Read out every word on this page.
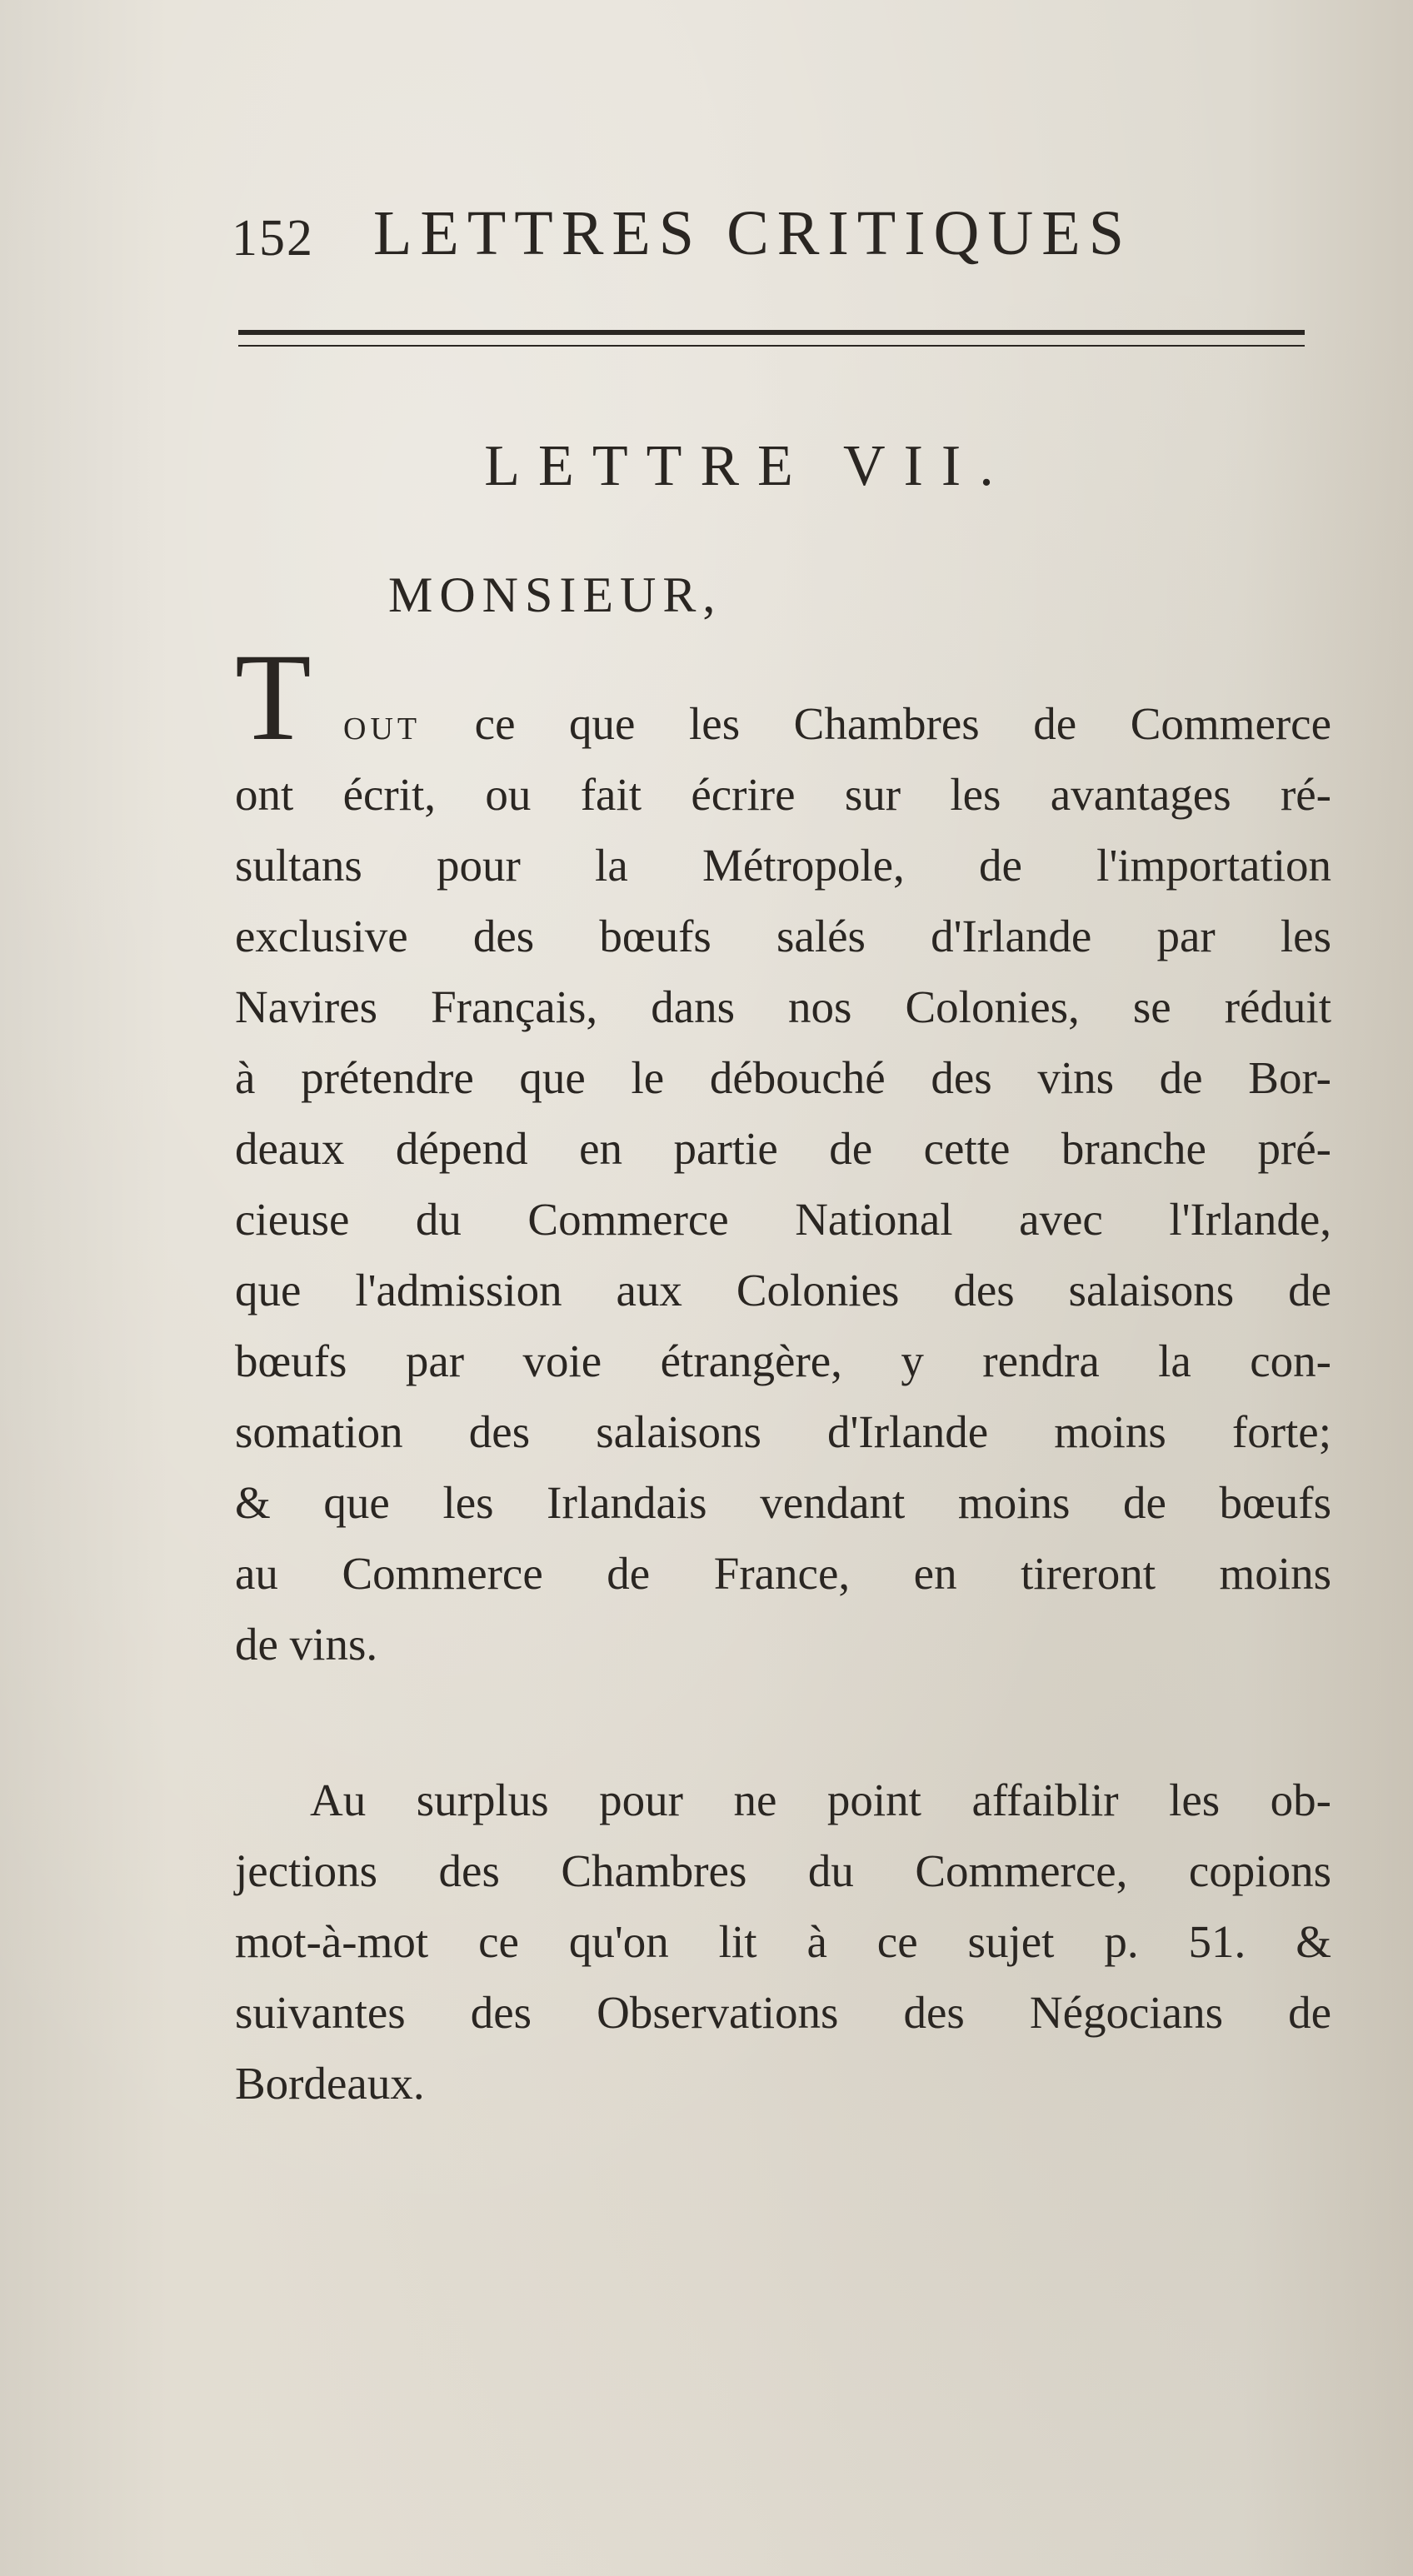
152 LETTRES CRITIQUES
LETTRE VII.
MONSIEUR,
T	OUT ce que les Chambres de Commerce
ont écrit, ou fait écrire sur les avantages ré-
sultans pour la Métropole, de l'importation
exclusive des bœufs salés d'Irlande par les
Navires Français, dans nos Colonies, se réduit
à prétendre que le débouché des vins de Bor-
deaux dépend en partie de cette branche pré-
cieuse du Commerce National avec l'Irlande,
que l'admission aux Colonies des salaisons de
bœufs par voie étrangère, y rendra la con-
somation des salaisons d'Irlande moins forte;
& que les Irlandais vendant moins de bœufs
au Commerce de France, en tireront moins
de vins.
Au surplus pour ne point affaiblir les ob-
jections des Chambres du Commerce, copions
mot-à-mot ce qu'on lit à ce sujet p. 51. &
suivantes des Observations des Négocians de
Bordeaux.
